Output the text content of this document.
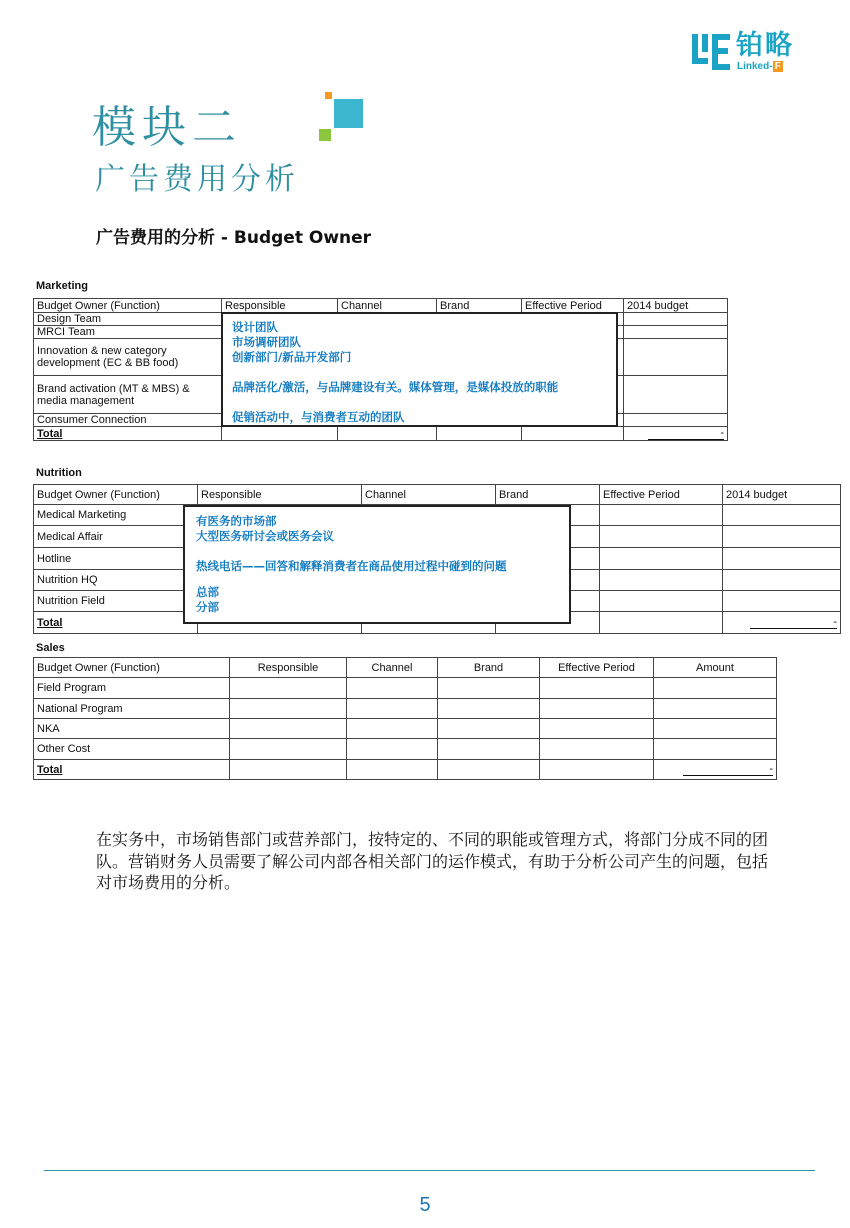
铂略
Linked- F
模块二
广告费用分析
广告费用的分析 - Budget Owner
Marketing
Budget Owner (Function)	Responsible	Channel	Brand	Effective Period	2014 budget
Design Team					
MRCI Team					
Innovation & new category development (EC & BB food)					
Brand activation (MT & MBS) & media management					
Consumer Connection					
Total					-
设计团队
市场调研团队
创新部门/新品开发部门
品牌活化/激活，与品牌建设有关。媒体管理，是媒体投放的职能
促销活动中，与消费者互动的团队
Nutrition
Budget Owner (Function)	Responsible	Channel	Brand	Effective Period	2014 budget
Medical Marketing					
Medical Affair					
Hotline					
Nutrition HQ					
Nutrition Field					
Total					-
有医务的市场部
大型医务研讨会或医务会议
热线电话——回答和解释消费者在商品使用过程中碰到的问题
总部
分部
Sales
Budget Owner (Function)	Responsible	Channel	Brand	Effective Period	Amount
Field Program					
National Program					
NKA					
Other Cost					
Total					-
在实务中，市场销售部门或营养部门，按特定的、不同的职能或管理方式，将部门分成不同的团队。营销财务人员需要了解公司内部各相关部门的运作模式，有助于分析公司产生的问题，包括对市场费用的分析。
5
